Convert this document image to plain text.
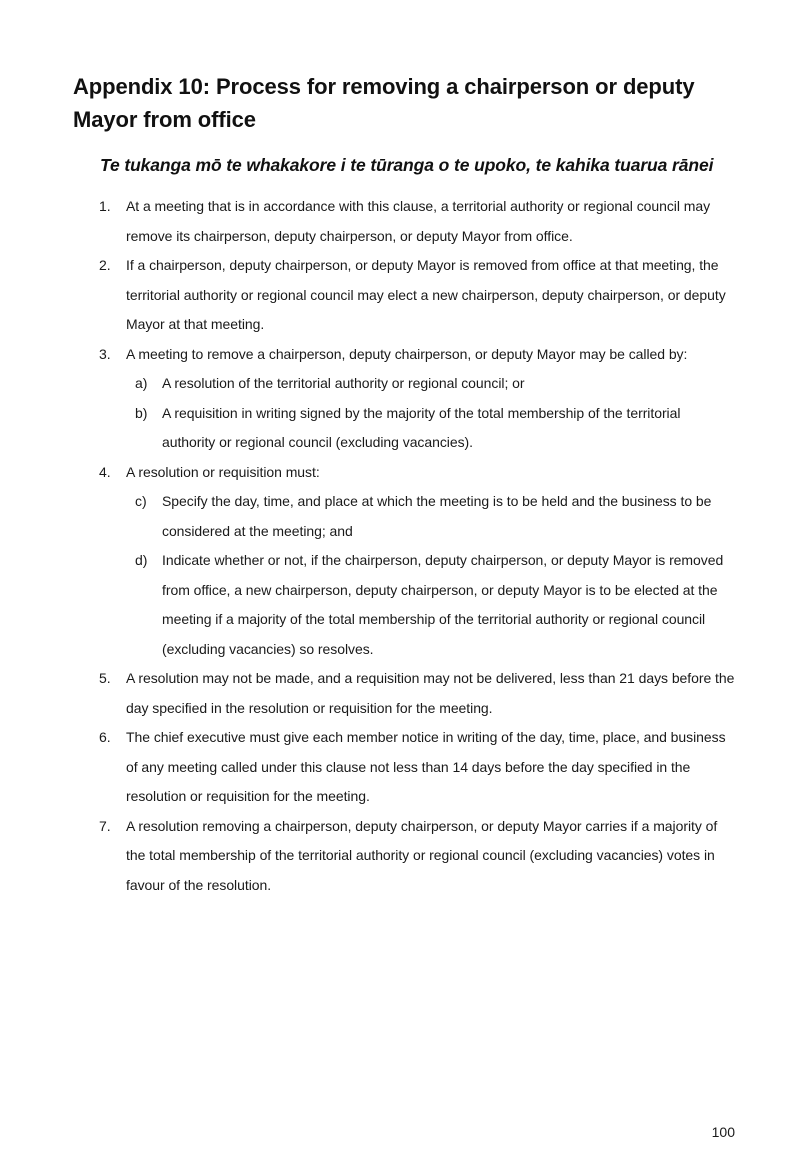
Appendix 10: Process for removing a chairperson or deputy Mayor from office
Te tukanga mō te whakakore i te tūranga o te upoko, te kahika tuarua rānei
1. At a meeting that is in accordance with this clause, a territorial authority or regional council may remove its chairperson, deputy chairperson, or deputy Mayor from office.
2. If a chairperson, deputy chairperson, or deputy Mayor is removed from office at that meeting, the territorial authority or regional council may elect a new chairperson, deputy chairperson, or deputy Mayor at that meeting.
3. A meeting to remove a chairperson, deputy chairperson, or deputy Mayor may be called by:
a) A resolution of the territorial authority or regional council; or
b) A requisition in writing signed by the majority of the total membership of the territorial authority or regional council (excluding vacancies).
4. A resolution or requisition must:
c) Specify the day, time, and place at which the meeting is to be held and the business to be considered at the meeting; and
d) Indicate whether or not, if the chairperson, deputy chairperson, or deputy Mayor is removed from office, a new chairperson, deputy chairperson, or deputy Mayor is to be elected at the meeting if a majority of the total membership of the territorial authority or regional council (excluding vacancies) so resolves.
5. A resolution may not be made, and a requisition may not be delivered, less than 21 days before the day specified in the resolution or requisition for the meeting.
6. The chief executive must give each member notice in writing of the day, time, place, and business of any meeting called under this clause not less than 14 days before the day specified in the resolution or requisition for the meeting.
7. A resolution removing a chairperson, deputy chairperson, or deputy Mayor carries if a majority of the total membership of the territorial authority or regional council (excluding vacancies) votes in favour of the resolution.
100
